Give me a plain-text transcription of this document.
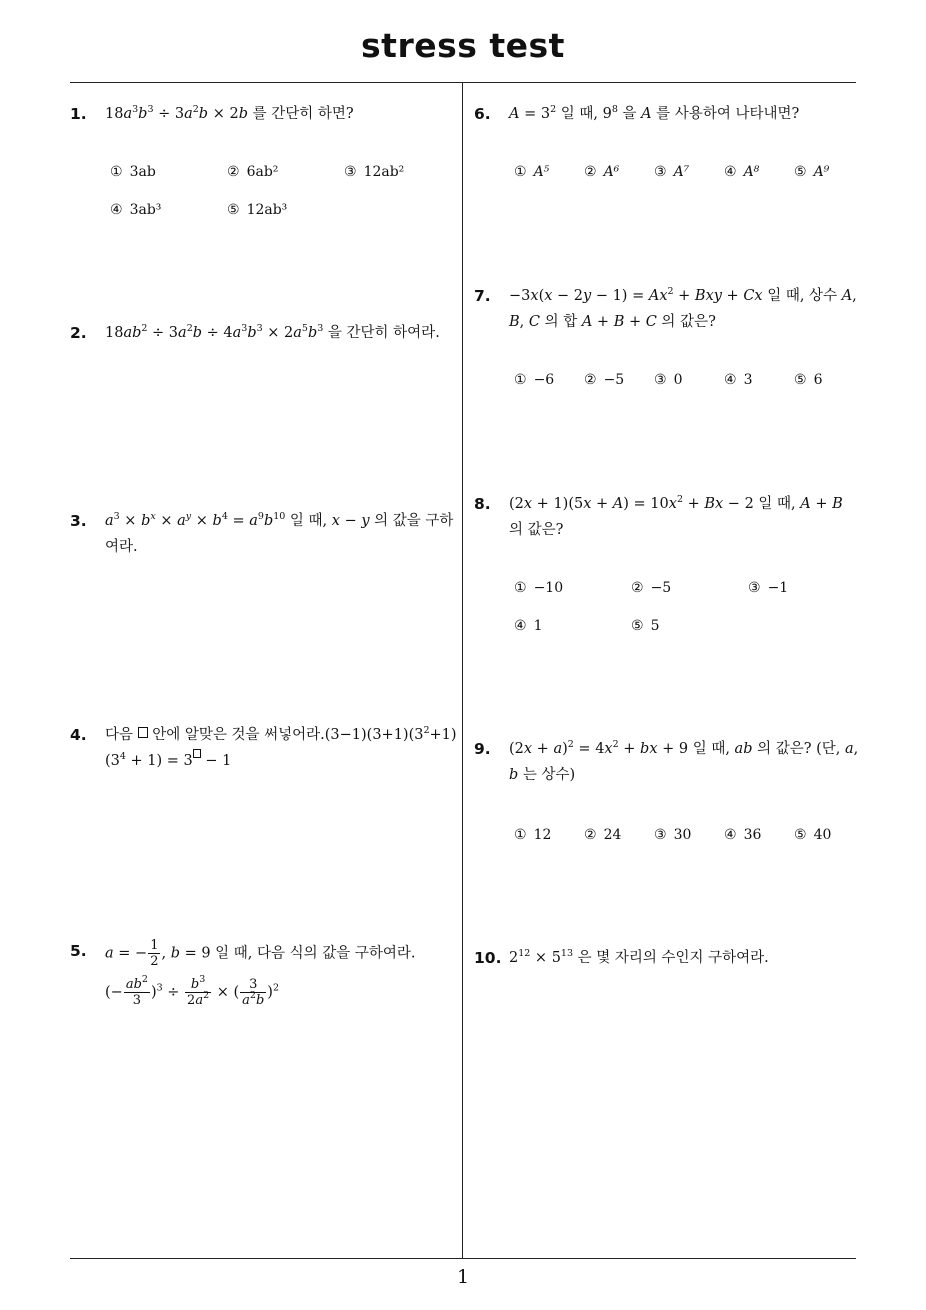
stress test
1
1. $18a^3b^3 \div 3a^2b \times 2b$ 를 간단히 하면?
① 3ab	② 6ab²	③ 12ab²
④ 3ab³	⑤ 12ab³
2. $18ab^2 \div 3a^2b \div 4a^3b^3 \times 2a^5b^3$ 을 간단히 하여라.
3. $a^3 \times b^x \times a^y \times b^4 = a^9b^{10}$ 일 때, x − y 의 값을 구하여라.
4. 다음  안에 알맞은 것을 써넣어라$.(3-1)(3+1)(3^2+1)(3^4 + 1) = 3 - 1$
5. a = − $\frac{1}{2}$ , b = 9 일 때, 다음 식의 값을 구하여라.
(− $\frac{ab^2}{3} )^3 \div \frac{b^3}{2a^2}$ × ( $\frac{3}{a^2b} )^2$
6. $A = 3^2$ 일 때, $9^8$ 을 A 를 사용하여 나타내면?
① A⁵ ② A⁶ ③ A⁷ ④ A⁸ ⑤ A⁹
7. $-3x(x - 2y - 1) = Ax^2$ + Bxy + Cx 일 때, 상수 A, B, C 의 합 A + B + C 의 값은?
① −6 ② −5 ③ 0	④ 3	⑤ 6
8. $(2x + 1)(5x + A) = 10x^2 + Bx - 2$ 일 때, A + B 의 값은?
① −10	② −5	③ −1
④ 1	⑤ 5
9. $(2x + a)^2 = 4x^2$ + bx + 9 일 때, ab 의 값은? (단, a, b 는 상수)
① 12 ② 24 ③ 30 ④ 36 ⑤ 40
10. $2^{12} \times 5^{13}$ 은 몇 자리의 수인지 구하여라.
